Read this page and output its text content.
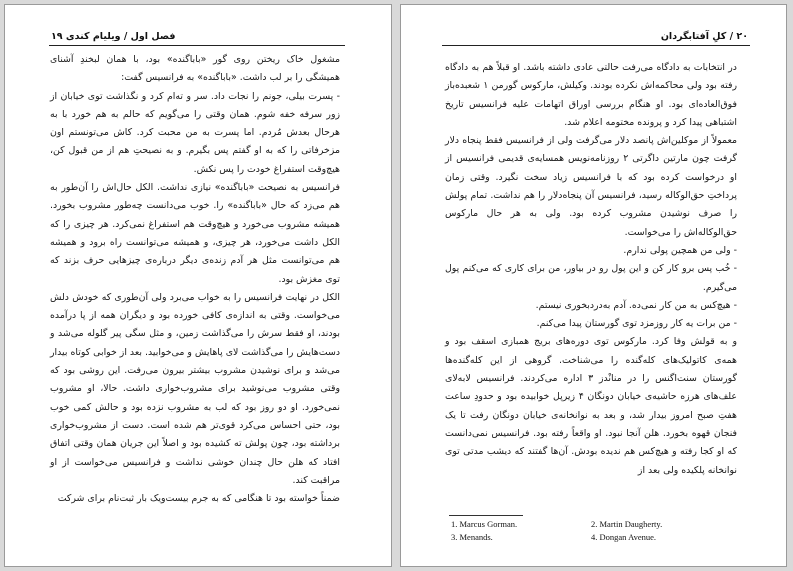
فصل اول / ویلیام کندی ۱۹

مشغول خاک ریختن روی گور «باباگنده» بود، با همان لبخندِ آشنای همیشگی را بر لب داشت. «باباگنده» به فرانسیس گفت:

- پسرت بیلی، جونم را نجات داد. سر و ته‌ام کرد و نگذاشت توی خیابان از زور سرفه خفه شوم. همان وقتی را می‌گویم که حالم به هم خورد با به هرحال بعدش مُردم. اما پسرت به من محبت کرد. کاش می‌تونستم اون مزخرفاتی را که به او گفتم پس بگیرم. و به نصیحتِ هم از من قبول کن، هیچ‌وقت استفراغ خودت را پس نکش.

فرانسیس به نصیحت «باباگنده» نیازی نداشت. الکل حال‌اش را آن‌طور به هم می‌زد که حال «باباگنده» را. خوب می‌دانست چه‌طور مشروب بخورد. همیشه مشروب می‌خورد و هیچ‌وقت هم استفراغ نمی‌کرد. هر چیزی را که الکل داشت می‌خورد، هر چیزی، و همیشه می‌توانست راه برود و همیشه هم می‌توانست مثل هر آدم زنده‌ی دیگر درباره‌ی چیزهایی حرف بزند که توی مغزش بود.

الکل در نهایت فرانسیس را به خواب می‌برد ولی آن‌طوری که خودش دلش می‌خواست. وقتی به اندازه‌ی کافی خورده بود و دیگران همه از پا درآمده بودند، او فقط سرش را می‌گذاشت زمین، و مثل سگی پیر گلوله می‌شد و دست‌هایش را می‌گذاشت لای پاهایش و می‌خوابید. بعد از خوابی کوتاه بیدار می‌شد و برای نوشیدن مشروب بیشتر بیرون می‌رفت. این روشی بود که وقتی مشروب می‌نوشید برای مشروب‌خواری داشت. حالا، او مشروب نمی‌خورد. او دو روز بود که لب به مشروب نزده بود و حالش کمی خوب بود، حتی احساس می‌کرد قوی‌تر هم شده است. دست از مشروب‌خواری برداشته بود، چون پولش ته کشیده بود و اصلاً این جریان همان وقتی اتفاق افتاد که هلن حال چندان خوشی نداشت و فرانسیس می‌خواست از او مراقبت کند.

ضمناً خواسته بود تا هنگامی که به جرم بیست‌ویک بار ثبت‌نام برای شرکت

۲۰ / کلِ آفتابگردان

در انتخابات به دادگاه می‌رفت حالتی عادی داشته باشد. او قبلاً هم به دادگاه رفته بود ولی محاکمه‌اش نکرده بودند. وکیلش، مارکوس گورمن ۱ شعبده‌باز فوق‌العاده‌ای بود. او هنگام بررسی اوراق اتهامات علیه فرانسیس تاریخ اشتباهی پیدا کرد و پرونده مختومه اعلام شد.

معمولاً از موکلین‌اش پانصد دلار می‌گرفت ولی از فرانسیس فقط پنجاه دلار گرفت چون مارتین داگرتی ۲ روزنامه‌نویس همسایه‌ی قدیمی فرانسیس از او درخواست کرده بود که با فرانسیس زیاد سخت نگیرد. وقتی زمان پرداختِ حق‌الوکاله رسید، فرانسیس آن پنجاه‌دلار را هم نداشت. تمام پولش را صرف نوشیدن مشروب کرده بود. ولی به هر حال مارکوس حق‌الوکاله‌اش را می‌خواست.

- ولی من همچین پولی ندارم.

- خُب پس برو کار کن و این پول رو در بیاور، من برای کاری که می‌کنم پول می‌گیرم.

- هیچ‌کس به من کار نمی‌ده. آدم به‌درد‌بخوری نیستم.

- من برات یه کار روزمزد توی گورستان پیدا می‌کنم.

و به قولش وفا کرد. مارکوس توی دوره‌های بریج همبازی اسقف بود و همه‌ی کاتولیک‌های کله‌گنده را می‌شناخت. گروهی از این کله‌گنده‌ها گورستان سنت‌اگنس را در منانْدز ۳ اداره می‌کردند. فرانسیس لابه‌لای علف‌های هرزه حاشیه‌ی خیابان دونگان ۴ زیرپل خوابیده بود و حدودِ ساعت هفتِ صبح امروز بیدار شد، و بعد به نوانخانه‌ی خیابان دونگان رفت تا یک فنجان قهوه بخورد. هلن آنجا نبود. او واقعاً رفته بود. فرانسیس نمی‌دانست که او کجا رفته و هیچ‌کس هم ندیده بودش. آن‌ها گفتند که دیشب مدتی توی نوانخانه پلکیده ولی بعد از

1. Marcus Gorman.	2. Martin Daugherty.
3. Menands.	4. Dongan Avenue.
